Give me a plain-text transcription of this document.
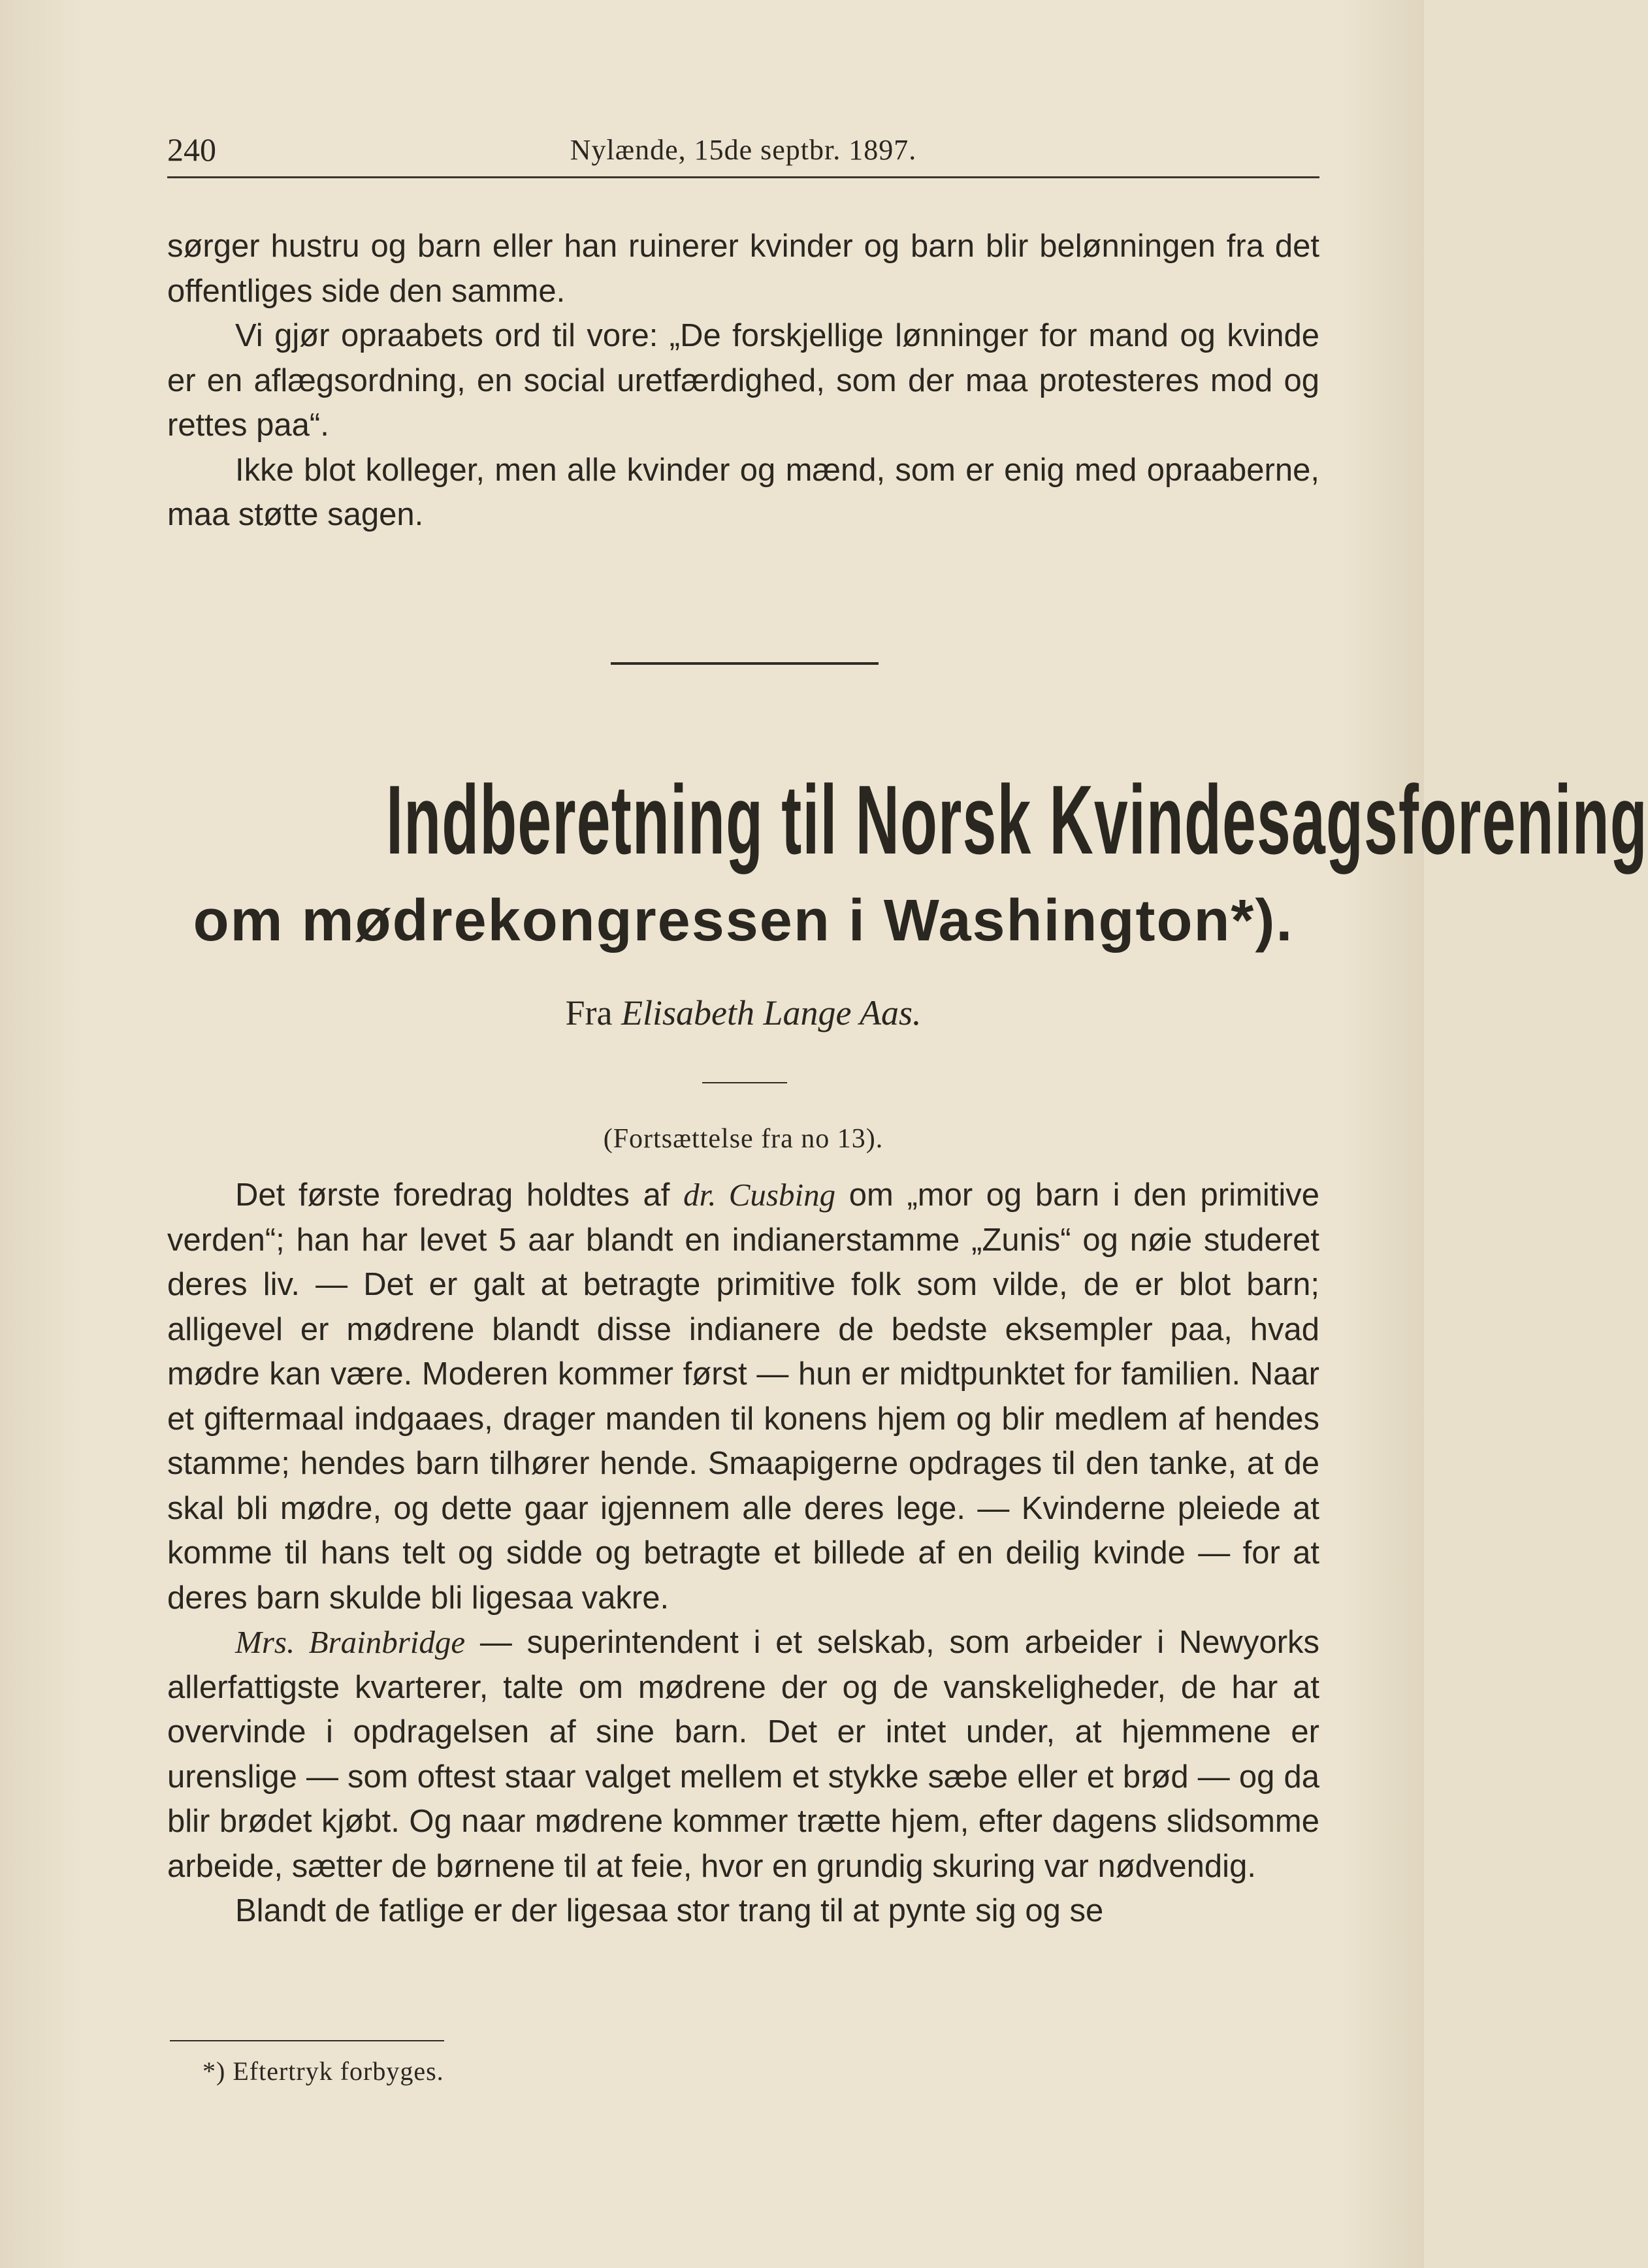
240	Nylænde, 15de septbr. 1897.

sørger hustru og barn eller han ruinerer kvinder og barn blir belønningen fra det offentliges side den samme.

Vi gjør opraabets ord til vore: „De forskjellige lønninger for mand og kvinde er en aflægsordning, en social uretfærdighed, som der maa protesteres mod og rettes paa“.

Ikke blot kolleger, men alle kvinder og mænd, som er enig med opraaberne, maa støtte sagen.

Indberetning til Norsk Kvindesagsforening
om mødrekongressen i Washington*).
Fra Elisabeth Lange Aas.
(Fortsættelse fra no 13).

Det første foredrag holdtes af dr. Cusbing om „mor og barn i den primitive verden“; han har levet 5 aar blandt en indianerstamme „Zunis“ og nøie studeret deres liv. — Det er galt at betragte primitive folk som vilde, de er blot barn; alligevel er mødrene blandt disse indianere de bedste eksempler paa, hvad mødre kan være. Moderen kommer først — hun er midtpunktet for familien. Naar et giftermaal indgaaes, drager manden til konens hjem og blir medlem af hendes stamme; hendes barn tilhører hende. Smaapigerne opdrages til den tanke, at de skal bli mødre, og dette gaar igjennem alle deres lege. — Kvinderne pleiede at komme til hans telt og sidde og betragte et billede af en deilig kvinde — for at deres barn skulde bli ligesaa vakre.

Mrs. Brainbridge — superintendent i et selskab, som arbeider i Newyorks allerfattigste kvarterer, talte om mødrene der og de vanskeligheder, de har at overvinde i opdragelsen af sine barn. Det er intet under, at hjemmene er urenslige — som oftest staar valget mellem et stykke sæbe eller et brød — og da blir brødet kjøbt. Og naar mødrene kommer trætte hjem, efter dagens slidsomme arbeide, sætter de børnene til at feie, hvor en grundig skuring var nødvendig.

Blandt de fatlige er der ligesaa stor trang til at pynte sig og se

*) Eftertryk forbyges.
